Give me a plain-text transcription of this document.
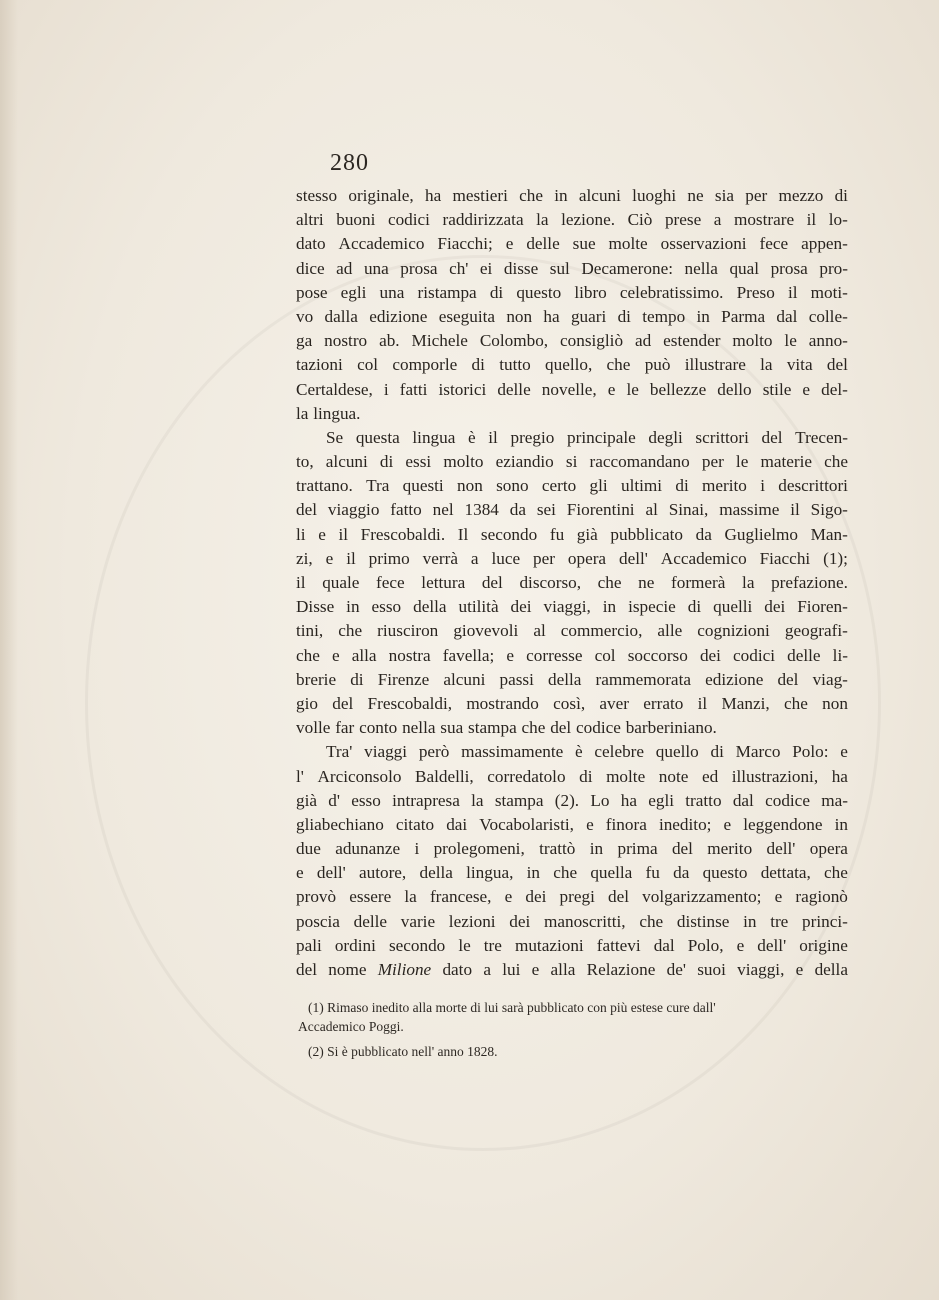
280
stesso originale, ha mestieri che in alcuni luoghi ne sia per mezzo di
altri buoni codici raddirizzata la lezione. Ciò prese a mostrare il lo-
dato Accademico Fiacchi; e delle sue molte osservazioni fece appen-
dice ad una prosa ch' ei disse sul Decamerone: nella qual prosa pro-
pose egli una ristampa di questo libro celebratissimo. Preso il moti-
vo dalla edizione eseguita non ha guari di tempo in Parma dal colle-
ga nostro ab. Michele Colombo, consigliò ad estender molto le anno-
tazioni col comporle di tutto quello, che può illustrare la vita del
Certaldese, i fatti istorici delle novelle, e le bellezze dello stile e del-
la lingua.
Se questa lingua è il pregio principale degli scrittori del Trecen-
to, alcuni di essi molto eziandio si raccomandano per le materie che
trattano. Tra questi non sono certo gli ultimi di merito i descrittori
del viaggio fatto nel 1384 da sei Fiorentini al Sinai, massime il Sigo-
li e il Frescobaldi. Il secondo fu già pubblicato da Guglielmo Man-
zi, e il primo verrà a luce per opera dell' Accademico Fiacchi (1);
il quale fece lettura del discorso, che ne formerà la prefazione.
Disse in esso della utilità dei viaggi, in ispecie di quelli dei Fioren-
tini, che riusciron giovevoli al commercio, alle cognizioni geografi-
che e alla nostra favella; e corresse col soccorso dei codici delle li-
brerie di Firenze alcuni passi della rammemorata edizione del viag-
gio del Frescobaldi, mostrando così, aver errato il Manzi, che non
volle far conto nella sua stampa che del codice barberiniano.
Tra' viaggi però massimamente è celebre quello di Marco Polo: e
l' Arciconsolo Baldelli, corredatolo di molte note ed illustrazioni, ha
già d' esso intrapresa la stampa (2). Lo ha egli tratto dal codice ma-
gliabechiano citato dai Vocabolaristi, e finora inedito; e leggendone in
due adunanze i prolegomeni, trattò in prima del merito dell' opera
e dell' autore, della lingua, in che quella fu da questo dettata, che
provò essere la francese, e dei pregi del volgarizzamento; e ragionò
poscia delle varie lezioni dei manoscritti, che distinse in tre princi-
pali ordini secondo le tre mutazioni fattevi dal Polo, e dell' origine
del nome Milione dato a lui e alla Relazione de' suoi viaggi, e della
(1) Rimaso inedito alla morte di lui sarà pubblicato con più estese cure dall'
Accademico Poggi.
(2) Si è pubblicato nell' anno 1828.
